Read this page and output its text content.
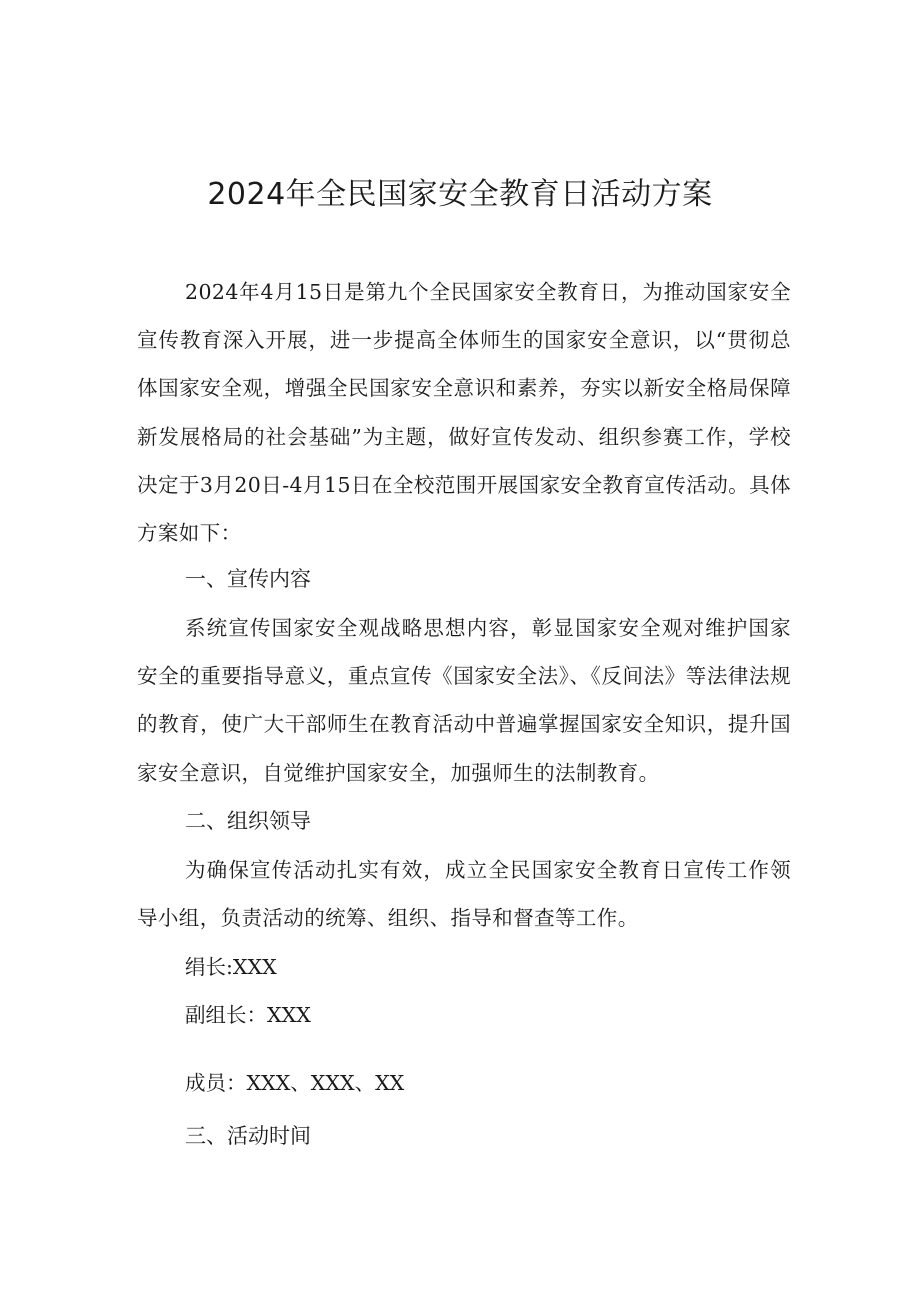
2024年全民国家安全教育日活动方案

2024年4月15日是第九个全民国家安全教育日，为推动国家安全宣传教育深入开展，进一步提高全体师生的国家安全意识，以“贯彻总体国家安全观，增强全民国家安全意识和素养，夯实以新安全格局保障新发展格局的社会基础”为主题，做好宣传发动、组织参赛工作，学校决定于3月20日-4月15日在全校范围开展国家安全教育宣传活动。具体方案如下：

一、宣传内容

系统宣传国家安全观战略思想内容，彰显国家安全观对维护国家安全的重要指导意义，重点宣传《国家安全法》、《反间法》等法律法规的教育，使广大干部师生在教育活动中普遍掌握国家安全知识，提升国家安全意识，自觉维护国家安全，加强师生的法制教育。

二、组织领导

为确保宣传活动扎实有效，成立全民国家安全教育日宣传工作领导小组，负责活动的统筹、组织、指导和督查等工作。

绢长:XXX

副组长：XXX

成员：XXX、XXX、XX

三、活动时间
